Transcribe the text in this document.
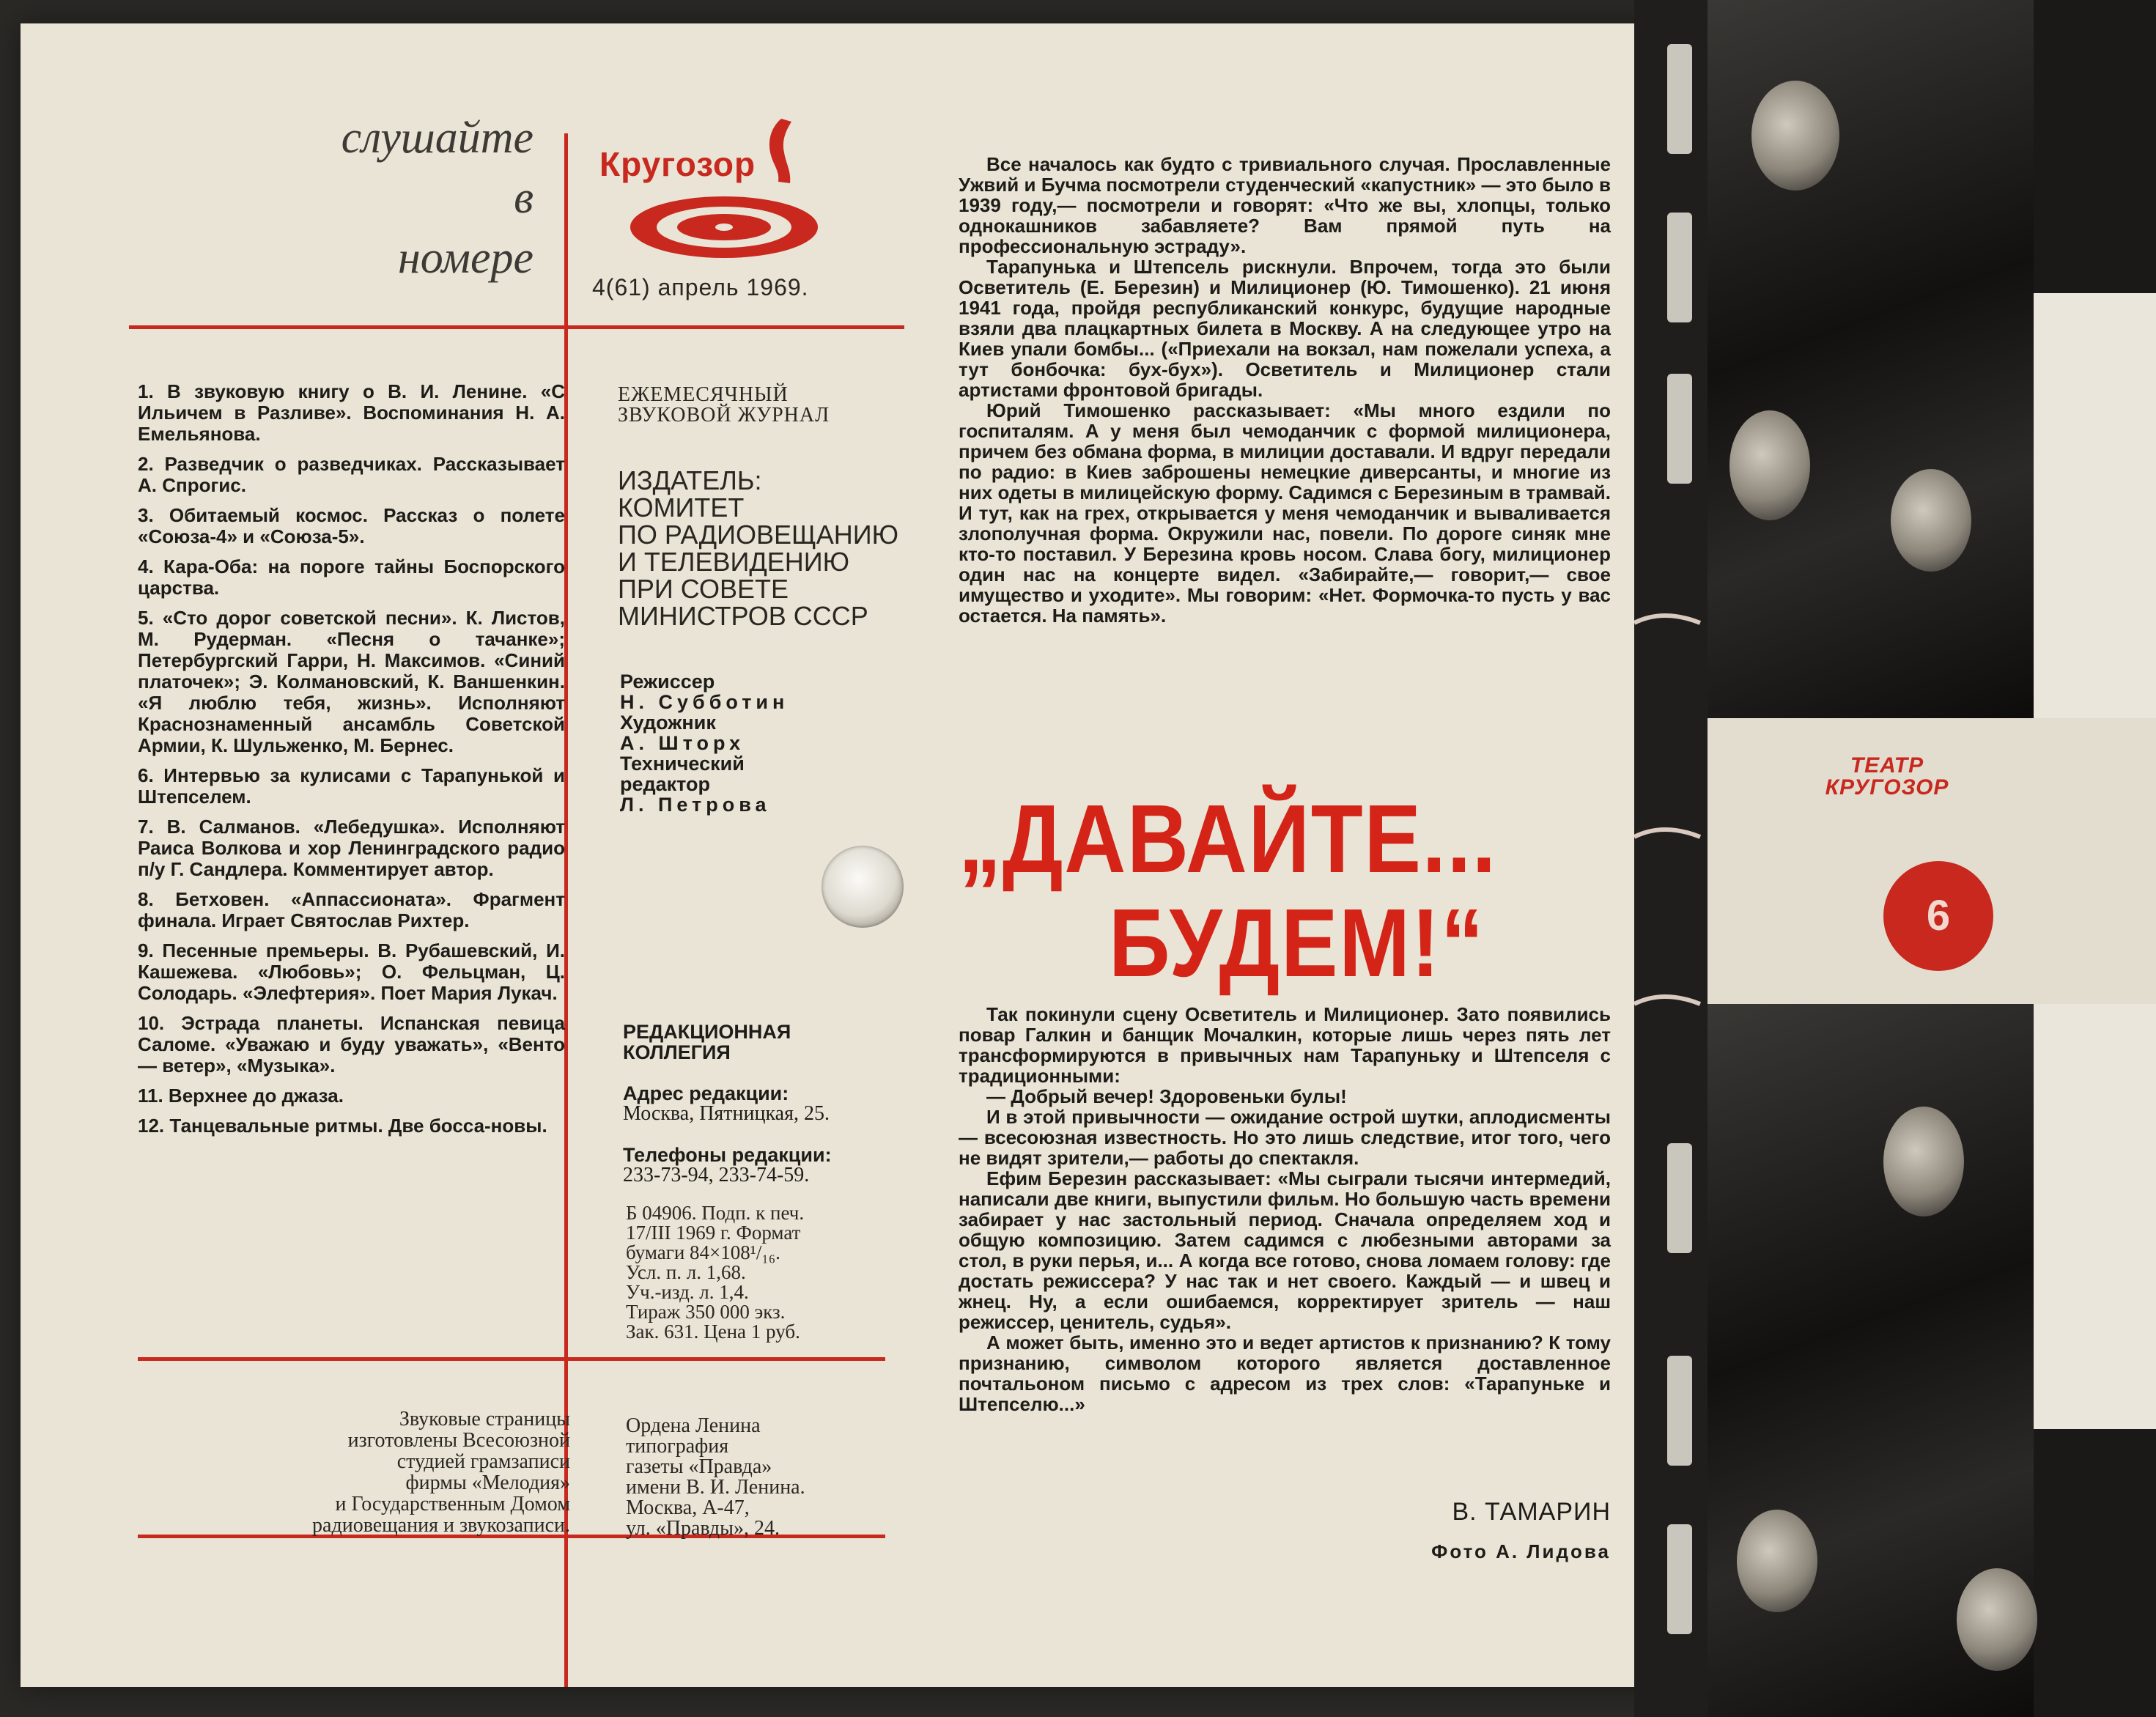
слушайте
в
номере
Кругозор
4(61) апрель 1969.
1. В звуковую книгу о В. И. Ленине. «С Ильичем в Разливе». Воспоминания Н. А. Емельянова.
2. Разведчик о разведчиках. Рассказывает А. Спрогис.
3. Обитаемый космос. Рассказ о полете «Союза-4» и «Союза-5».
4. Кара-Оба: на пороге тайны Боспорского царства.
5. «Сто дорог советской песни». К. Листов, М. Рудерман. «Песня о тачанке»; Петербургский Гарри, Н. Максимов. «Синий платочек»; Э. Колмановский, К. Ваншенкин. «Я люблю тебя, жизнь». Исполняют Краснознаменный ансамбль Советской Армии, К. Шульженко, М. Бернес.
6. Интервью за кулисами с Тарапунькой и Штепселем.
7. В. Салманов. «Лебедушка». Исполняют Раиса Волкова и хор Ленинградского радио п/у Г. Сандлера. Комментирует автор.
8. Бетховен. «Аппассионата». Фрагмент финала. Играет Святослав Рихтер.
9. Песенные премьеры. В. Рубашевский, И. Кашежева. «Любовь»; О. Фельцман, Ц. Солодарь. «Элефтерия». Поет Мария Лукач.
10. Эстрада планеты. Испанская певица Саломе. «Уважаю и буду уважать», «Венто — ветер», «Музыка».
11. Верхнее до джаза.
12. Танцевальные ритмы. Две босса-новы.
Звуковые страницы
изготовлены Всесоюзной
студией грамзаписи
фирмы «Мелодия»
и Государственным Домом
радиовещания и звукозаписи.
ЕЖЕМЕСЯЧНЫЙ
ЗВУКОВОЙ ЖУРНАЛ
ИЗДАТЕЛЬ:
КОМИТЕТ
ПО РАДИОВЕЩАНИЮ
И ТЕЛЕВИДЕНИЮ
ПРИ СОВЕТЕ
МИНИСТРОВ СССР
Режиссер
Н. Субботин
Художник
А. Шторх
Технический
редактор
Л. Петрова
РЕДАКЦИОННАЯ
КОЛЛЕГИЯ
Адрес редакции:
Москва, Пятницкая, 25.
Телефоны редакции:
233-73-94, 233-74-59.
Б 04906. Подп. к печ.
17/III 1969 г. Формат
бумаги 84×108¹/₁₆.
Усл. п. л. 1,68.
Уч.-изд. л. 1,4.
Тираж 350 000 экз.
Зак. 631. Цена 1 руб.
Ордена Ленина
типография
газеты «Правда»
имени В. И. Ленина.
Москва, А-47,
ул. «Правды», 24.

Все началось как будто с тривиального случая. Прославленные Ужвий и Бучма посмотрели студенческий «капустник» — это было в 1939 году,— посмотрели и говорят: «Что же вы, хлопцы, только однокашников забавляете? Вам прямой путь на профессиональную эстраду».

Тарапунька и Штепсель рискнули. Впрочем, тогда это были Осветитель (Е. Березин) и Милиционер (Ю. Тимошенко). 21 июня 1941 года, пройдя республиканский конкурс, будущие народные взяли два плацкартных билета в Москву. А на следующее утро на Киев упали бомбы... («Приехали на вокзал, нам пожелали успеха, а тут бонбочка: бух-бух»). Осветитель и Милиционер стали артистами фронтовой бригады.

Юрий Тимошенко рассказывает: «Мы много ездили по госпиталям. А у меня был чемоданчик с формой милиционера, причем без обмана форма, в милиции доставали. И вдруг передали по радио: в Киев заброшены немецкие диверсанты, и многие из них одеты в милицейскую форму. Садимся с Березиным в трамвай. И тут, как на грех, открывается у меня чемоданчик и вываливается злополучная форма. Окружили нас, повели. По дороге синяк мне кто-то поставил. У Березина кровь носом. Слава богу, милиционер один нас на концерте видел. «Забирайте,— говорит,— свое имущество и уходите». Мы говорим: «Нет. Формочка-то пусть у вас остается. На память».

„ДАВАЙТЕ...
БУДЕМ!“

Так покинули сцену Осветитель и Милиционер. Зато появились повар Галкин и банщик Мочалкин, которые лишь через пять лет трансформируются в привычных нам Тарапуньку и Штепселя с традиционными:

— Добрый вечер! Здоровеньки булы!

И в этой привычности — ожидание острой шутки, аплодисменты — всесоюзная известность. Но это лишь следствие, итог того, чего не видят зрители,— работы до спектакля.

Ефим Березин рассказывает: «Мы сыграли тысячи интермедий, написали две книги, выпустили фильм. Но большую часть времени забирает у нас застольный период. Сначала определяем ход и общую композицию. Затем садимся с любезными авторами за стол, в руки перья, и... А когда все готово, снова ломаем голову: где достать режиссера? У нас так и нет своего. Каждый — и швец и жнец. Ну, а если ошибаемся, корректирует зритель — наш режиссер, ценитель, судья».

А может быть, именно это и ведет артистов к признанию? К тому признанию, символом которого является доставленное почтальоном письмо с адресом из трех слов: «Тарапуньке и Штепселю...»

В. ТАМАРИН
Фото А. Лидова
ТЕАТР
КРУГОЗОР
6
